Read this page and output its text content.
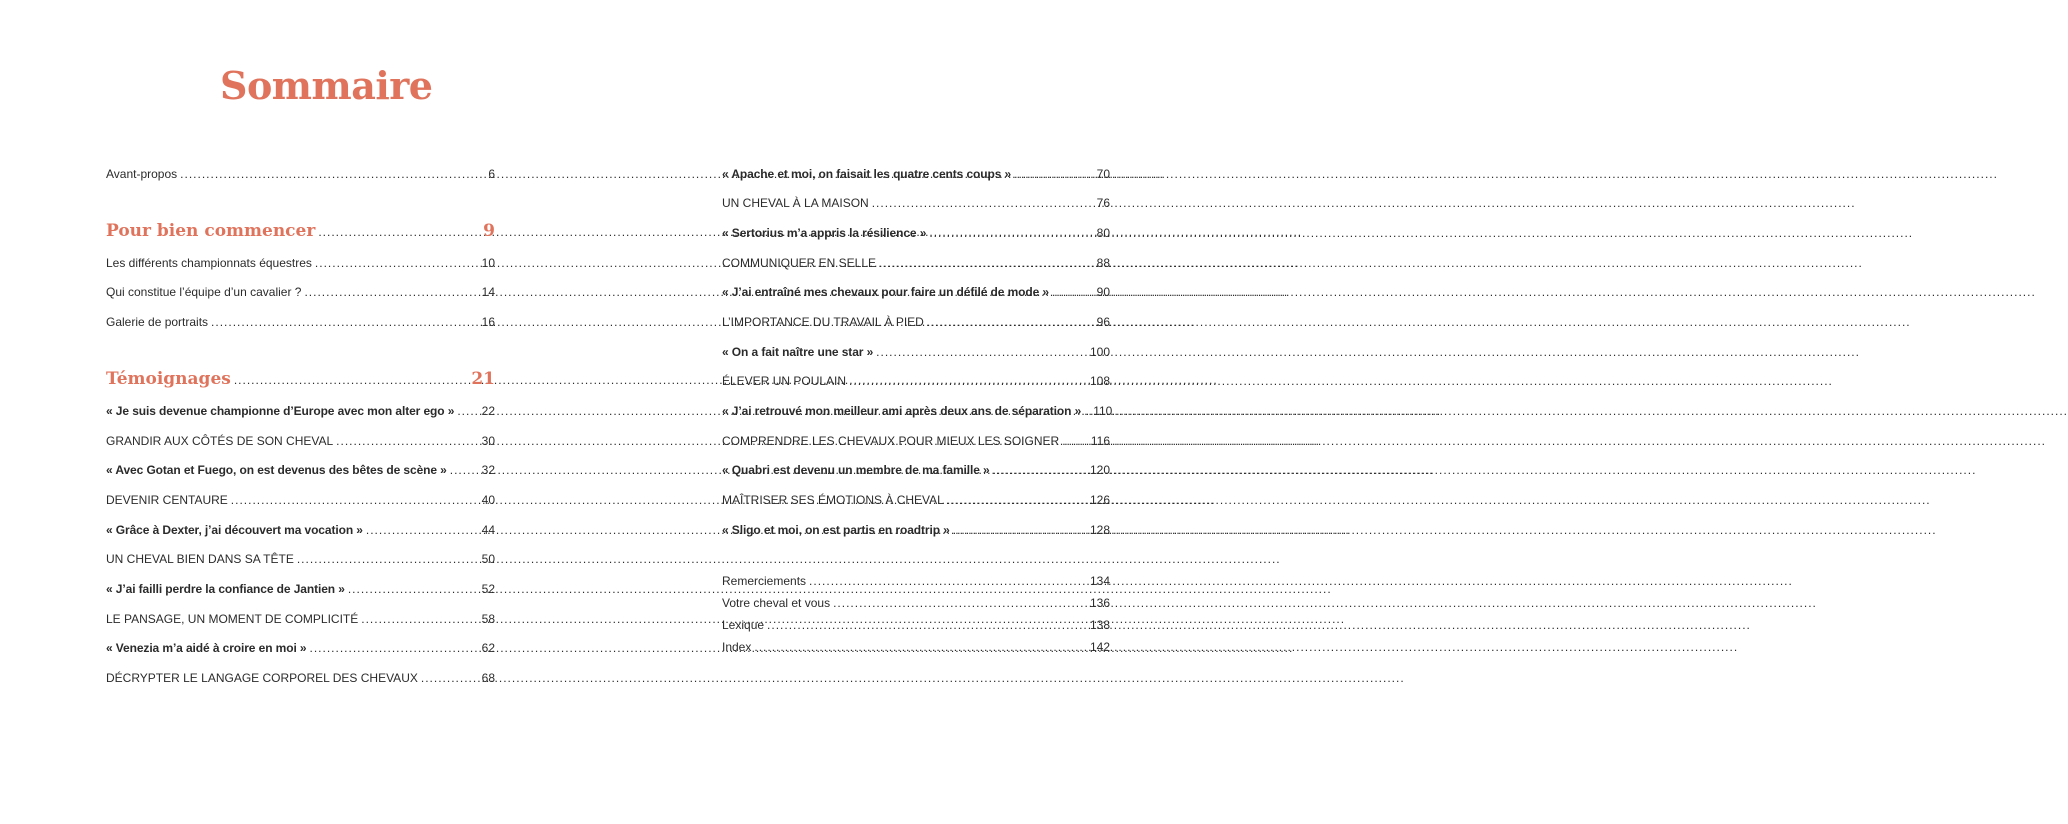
Sommaire
Avant-propos .....	6
Pour bien commencer .....	9
Les différents championnats équestres .....	10
Qui constitue l’équipe d’un cavalier ? .....	14
Galerie de portraits .....	16
Témoignages .....	21
« Je suis devenue championne d’Europe avec mon alter ego » ..... 22
GRANDIR AUX CÔTÉS DE SON CHEVAL .....	30
« Avec Gotan et Fuego, on est devenus des bêtes de scène » .....	32
DEVENIR CENTAURE .....	40
« Grâce à Dexter, j’ai découvert ma vocation » .....	44
UN CHEVAL BIEN DANS SA TÊTE .....	50
« J’ai failli perdre la confiance de Jantien » .....	52
LE PANSAGE, UN MOMENT DE COMPLICITÉ .....	58
« Venezia m’a aidé à croire en moi » .....	62
DÉCRYPTER LE LANGAGE CORPOREL DES CHEVAUX .....	68
« Apache et moi, on faisait les quatre cents coups » .....	70
UN CHEVAL À LA MAISON .....	76
« Sertorius m’a appris la résilience » .....	80
COMMUNIQUER EN SELLE .....	88
« J’ai entraîné mes chevaux pour faire un défilé de mode » .....	90
L’IMPORTANCE DU TRAVAIL À PIED .....	96
« On a fait naître une star » .....	100
ÉLEVER UN POULAIN .....	108
« J’ai retrouvé mon meilleur ami après deux ans de séparation » ..... 110
COMPRENDRE LES CHEVAUX POUR MIEUX LES SOIGNER .....	116
« Quabri est devenu un membre de ma famille » .....	120
MAÎTRISER SES ÉMOTIONS À CHEVAL .....	126
« Sligo et moi, on est partis en roadtrip » .....	128
Remerciements .....	134
Votre cheval et vous .....	136
Lexique .....	138
Index .....	142
